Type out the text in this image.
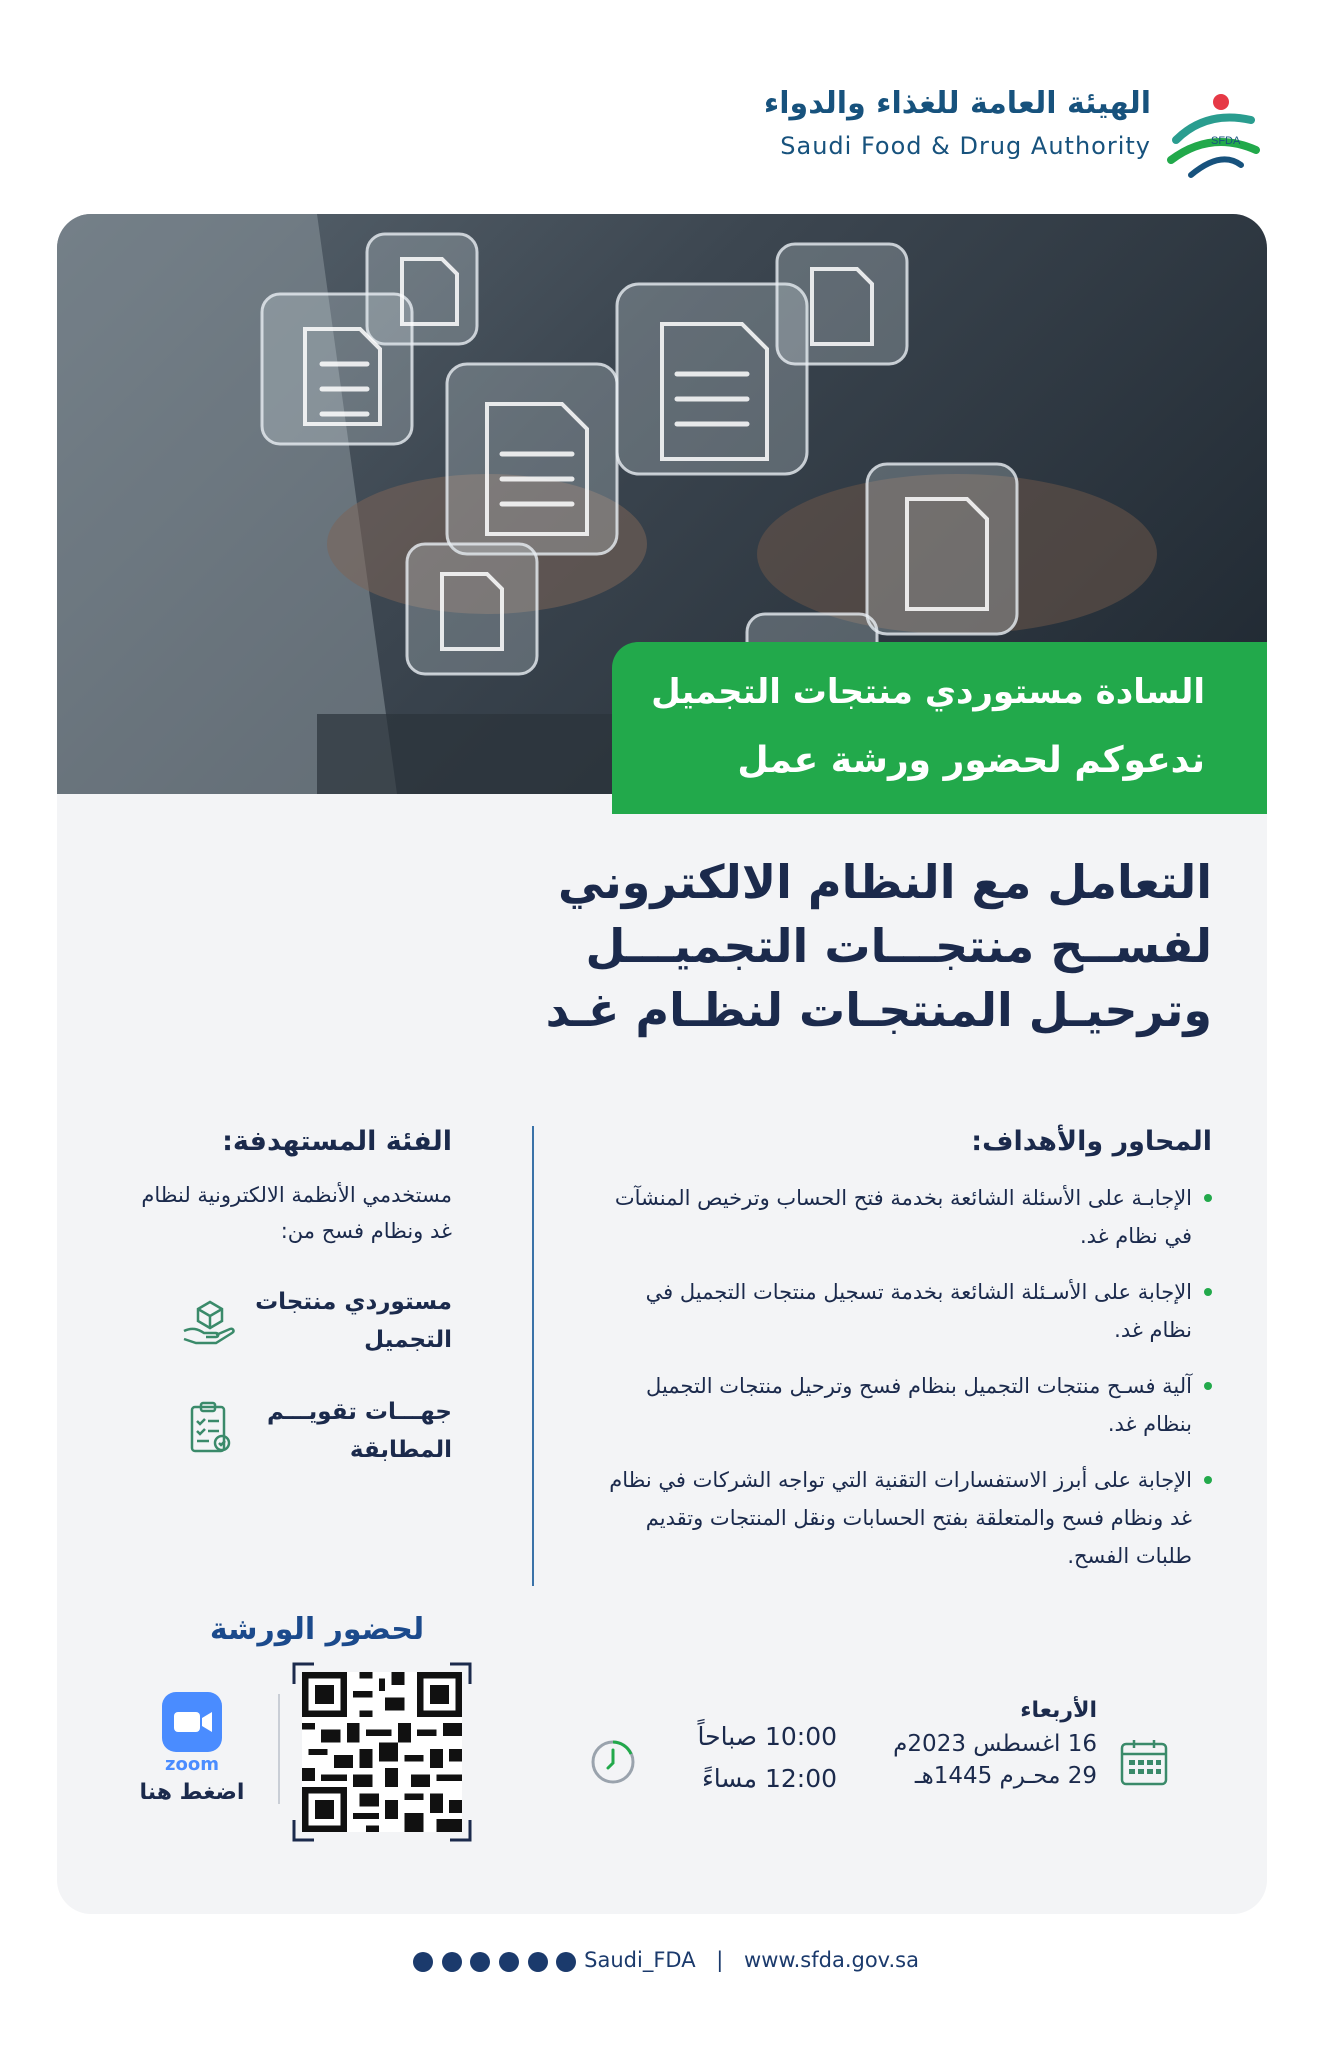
الهيئة العامة للغذاء والدواء
Saudi Food & Drug Authority	SFDA
السادة مستوردي منتجات التجميل
ندعوكم لحضور ورشة عمل
التعامل مع النظام الالكتروني
لفســح منتجـــات التجميـــل
وترحيـل المنتجـات لنظـام غـد
المحاور والأهداف:
الإجابـة على الأسئلة الشائعة بخدمة فتح الحساب وترخيص المنشآت في نظام غد.
الإجابة على الأسـئلة الشائعة بخدمة تسجيل منتجات التجميل في نظام غد.
آلية فسـح منتجات التجميل بنظام فسح وترحيل منتجات التجميل بنظام غد.
الإجابة على أبرز الاستفسارات التقنية التي تواجه الشركات في نظام غد ونظام فسح والمتعلقة بفتح الحسابات ونقل المنتجات وتقديم طلبات الفسح.
الفئة المستهدفة:
مستخدمي الأنظمة الالكترونية لنظام غد ونظام فسح من:
مستوردي منتجات التجميل
جهـــات تقويـــم المطابقة
لحضور الورشة
zoom
اضغط هنا
الأربعاء
16 اغسطس 2023م
29 محـرم 1445هـ
10:00 صباحاً
12:00 مساءً
Saudi_FDA | www.sfda.gov.sa
